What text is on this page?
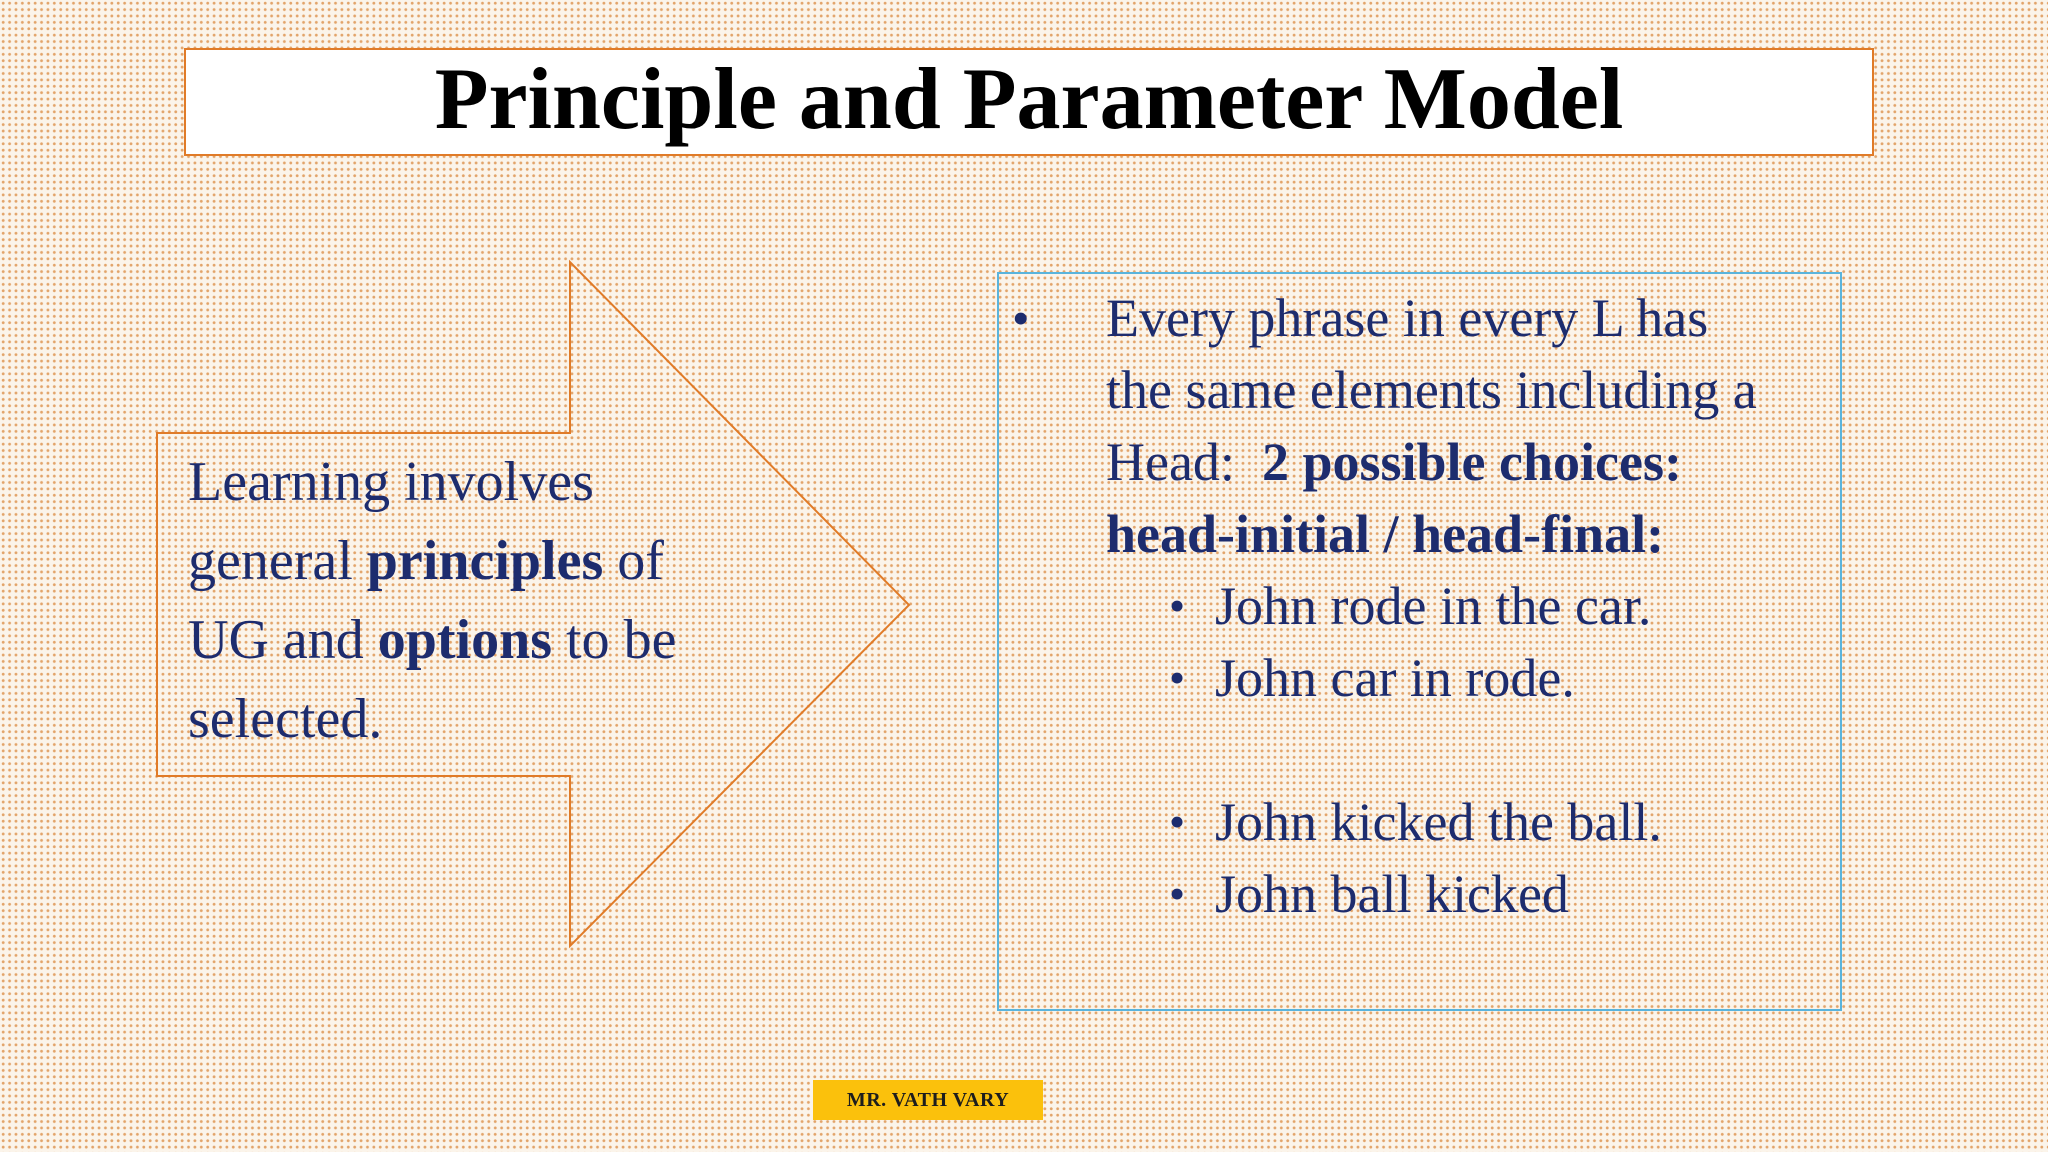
Principle and Parameter Model
Learning involves
general principles of
UG and options to be
selected.
• Every phrase in every L has
the same elements including a
Head:  2 possible choices:
head-initial / head-final:
• John rode in the car.
• John car in rode.
• John kicked the ball.
• John ball kicked
MR. VATH VARY
